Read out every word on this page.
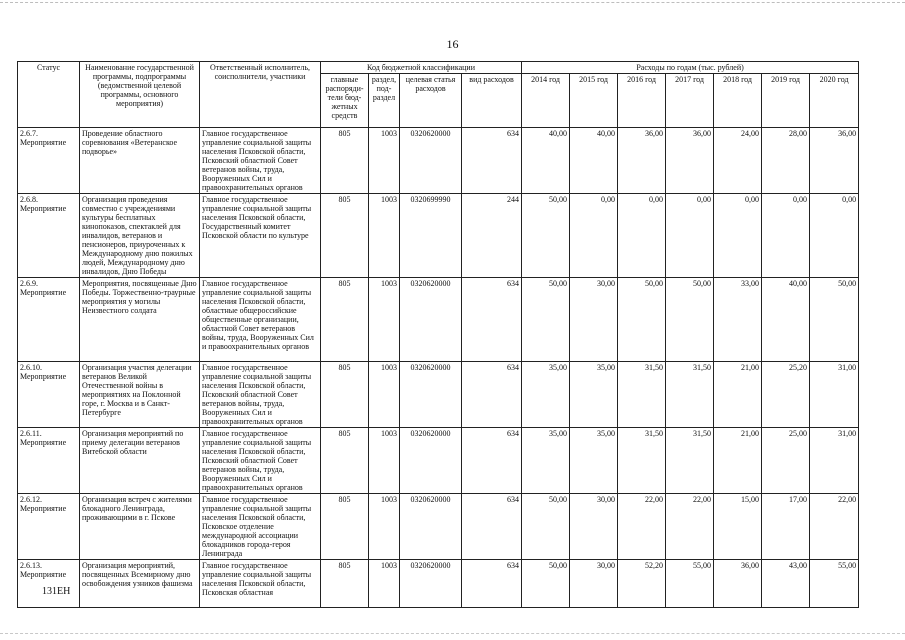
16
Статус	Наименование государственной программы, подпрограммы (ведомственной целевой программы, основного мероприятия)	Ответственный исполнитель, соисполнители, участники	Код бюджетной классификации				Расходы по годам (тыс. рублей)						
			главные распоряди-тели бюд-жетных средств	раздел, под-раздел	целевая статья расходов	вид расходов	2014 год	2015 год	2016 год	2017 год	2018 год	2019 год	2020 год
2.6.7. Мероприятие	Проведение областного соревнования «Ветеранское подворье»	Главное государственное управление социальной защиты населения Псковской области, Псковский областной Совет ветеранов войны, труда, Вооруженных Сил и правоохранительных органов	805	1003	0320620000	634	40,00	40,00	36,00	36,00	24,00	28,00	36,00
2.6.8. Мероприятие	Организация проведения совместно с учреждениями культуры бесплатных кинопоказов, спектаклей для инвалидов, ветеранов и пенсионеров, приуроченных к Международному дню пожилых людей, Международному дню инвалидов, Дню Победы	Главное государственное управление социальной защиты населения Псковской области, Государственный комитет Псковской области по культуре	805	1003	0320699990	244	50,00	0,00	0,00	0,00	0,00	0,00	0,00
2.6.9. Мероприятие	Мероприятия, посвященные Дню Победы. Торжественно-траурные мероприятия у могилы Неизвестного солдата	Главное государственное управление социальной защиты населения Псковской области, областные общероссийские общественные организации, областной Совет ветеранов войны, труда, Вооруженных Сил и правоохранительных органов	805	1003	0320620000	634	50,00	30,00	50,00	50,00	33,00	40,00	50,00
2.6.10. Мероприятие	Организация участия делегации ветеранов Великой Отечественной войны в мероприятиях на Поклонной горе, г. Москва и в Санкт-Петербурге	Главное государственное управление социальной защиты населения Псковской области, Псковский областной Совет ветеранов войны, труда, Вооруженных Сил и правоохранительных органов	805	1003	0320620000	634	35,00	35,00	31,50	31,50	21,00	25,20	31,00
2.6.11. Мероприятие	Организация мероприятий по приему делегации ветеранов Витебской области	Главное государственное управление социальной защиты населения Псковской области, Псковский областной Совет ветеранов войны, труда, Вооруженных Сил и правоохранительных органов	805	1003	0320620000	634	35,00	35,00	31,50	31,50	21,00	25,00	31,00
2.6.12. Мероприятие	Организация встреч с жителями блокадного Ленинграда, проживающими в г. Пскове	Главное государственное управление социальной защиты населения Псковской области, Псковское отделение международной ассоциации блокадников города-героя Ленинграда	805	1003	0320620000	634	50,00	30,00	22,00	22,00	15,00	17,00	22,00
2.6.13. Мероприятие	Организация мероприятий, посвященных Всемирному дню освобождения узников фашизма	Главное государственное управление социальной защиты населения Псковской области, Псковская областная	805	1003	0320620000	634	50,00	30,00	52,20	55,00	36,00	43,00	55,00
131ЕН
